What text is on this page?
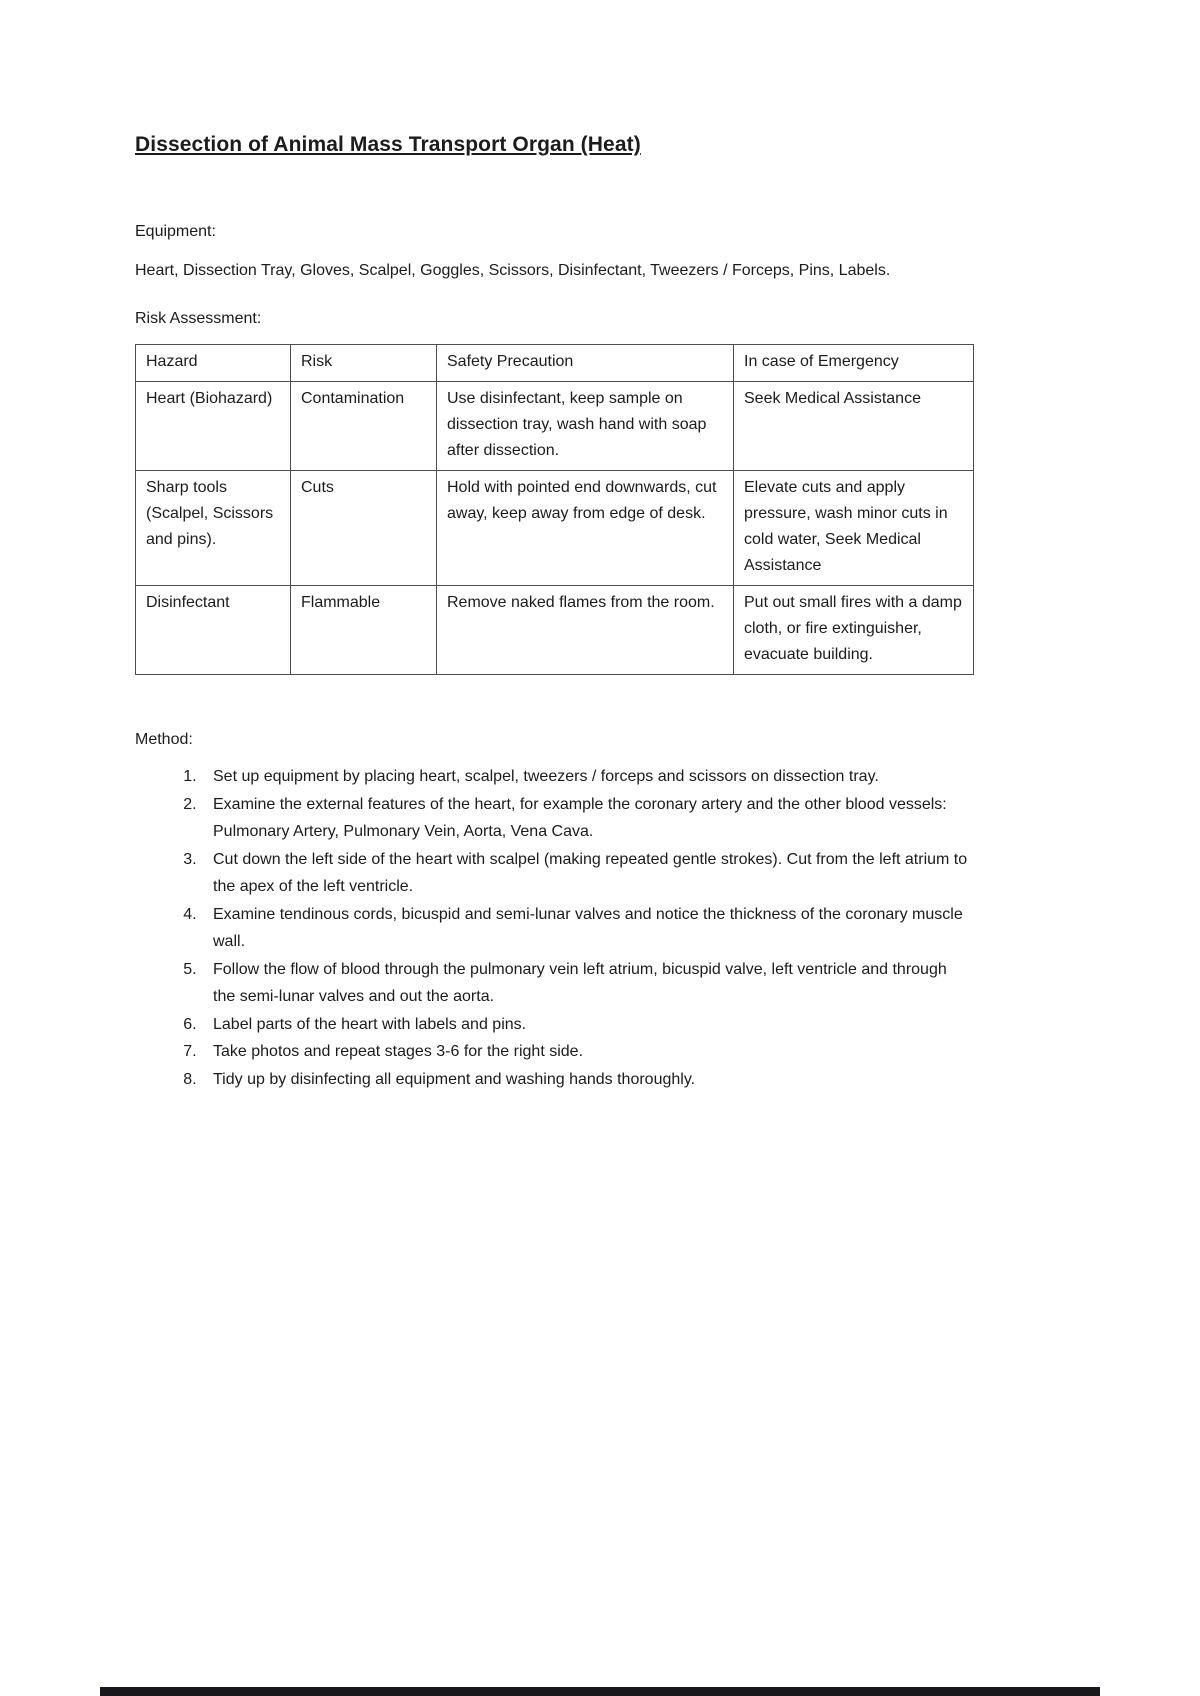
Dissection of Animal Mass Transport Organ (Heat)

Equipment:

Heart, Dissection Tray, Gloves, Scalpel, Goggles, Scissors, Disinfectant, Tweezers / Forceps, Pins, Labels.

Risk Assessment:

Hazard	Risk	Safety Precaution	In case of Emergency
Heart (Biohazard)	Contamination	Use disinfectant, keep sample on dissection tray, wash hand with soap after dissection.	Seek Medical Assistance
Sharp tools (Scalpel, Scissors and pins).	Cuts	Hold with pointed end downwards, cut away, keep away from edge of desk.	Elevate cuts and apply pressure, wash minor cuts in cold water, Seek Medical Assistance
Disinfectant	Flammable	Remove naked flames from the room.	Put out small fires with a damp cloth, or fire extinguisher, evacuate building.

Method:

1. Set up equipment by placing heart, scalpel, tweezers / forceps and scissors on dissection tray.
2. Examine the external features of the heart, for example the coronary artery and the other blood vessels: Pulmonary Artery, Pulmonary Vein, Aorta, Vena Cava.
3. Cut down the left side of the heart with scalpel (making repeated gentle strokes). Cut from the left atrium to the apex of the left ventricle.
4. Examine tendinous cords, bicuspid and semi-lunar valves and notice the thickness of the coronary muscle wall.
5. Follow the flow of blood through the pulmonary vein left atrium, bicuspid valve, left ventricle and through the semi-lunar valves and out the aorta.
6. Label parts of the heart with labels and pins.
7. Take photos and repeat stages 3-6 for the right side.
8. Tidy up by disinfecting all equipment and washing hands thoroughly.
